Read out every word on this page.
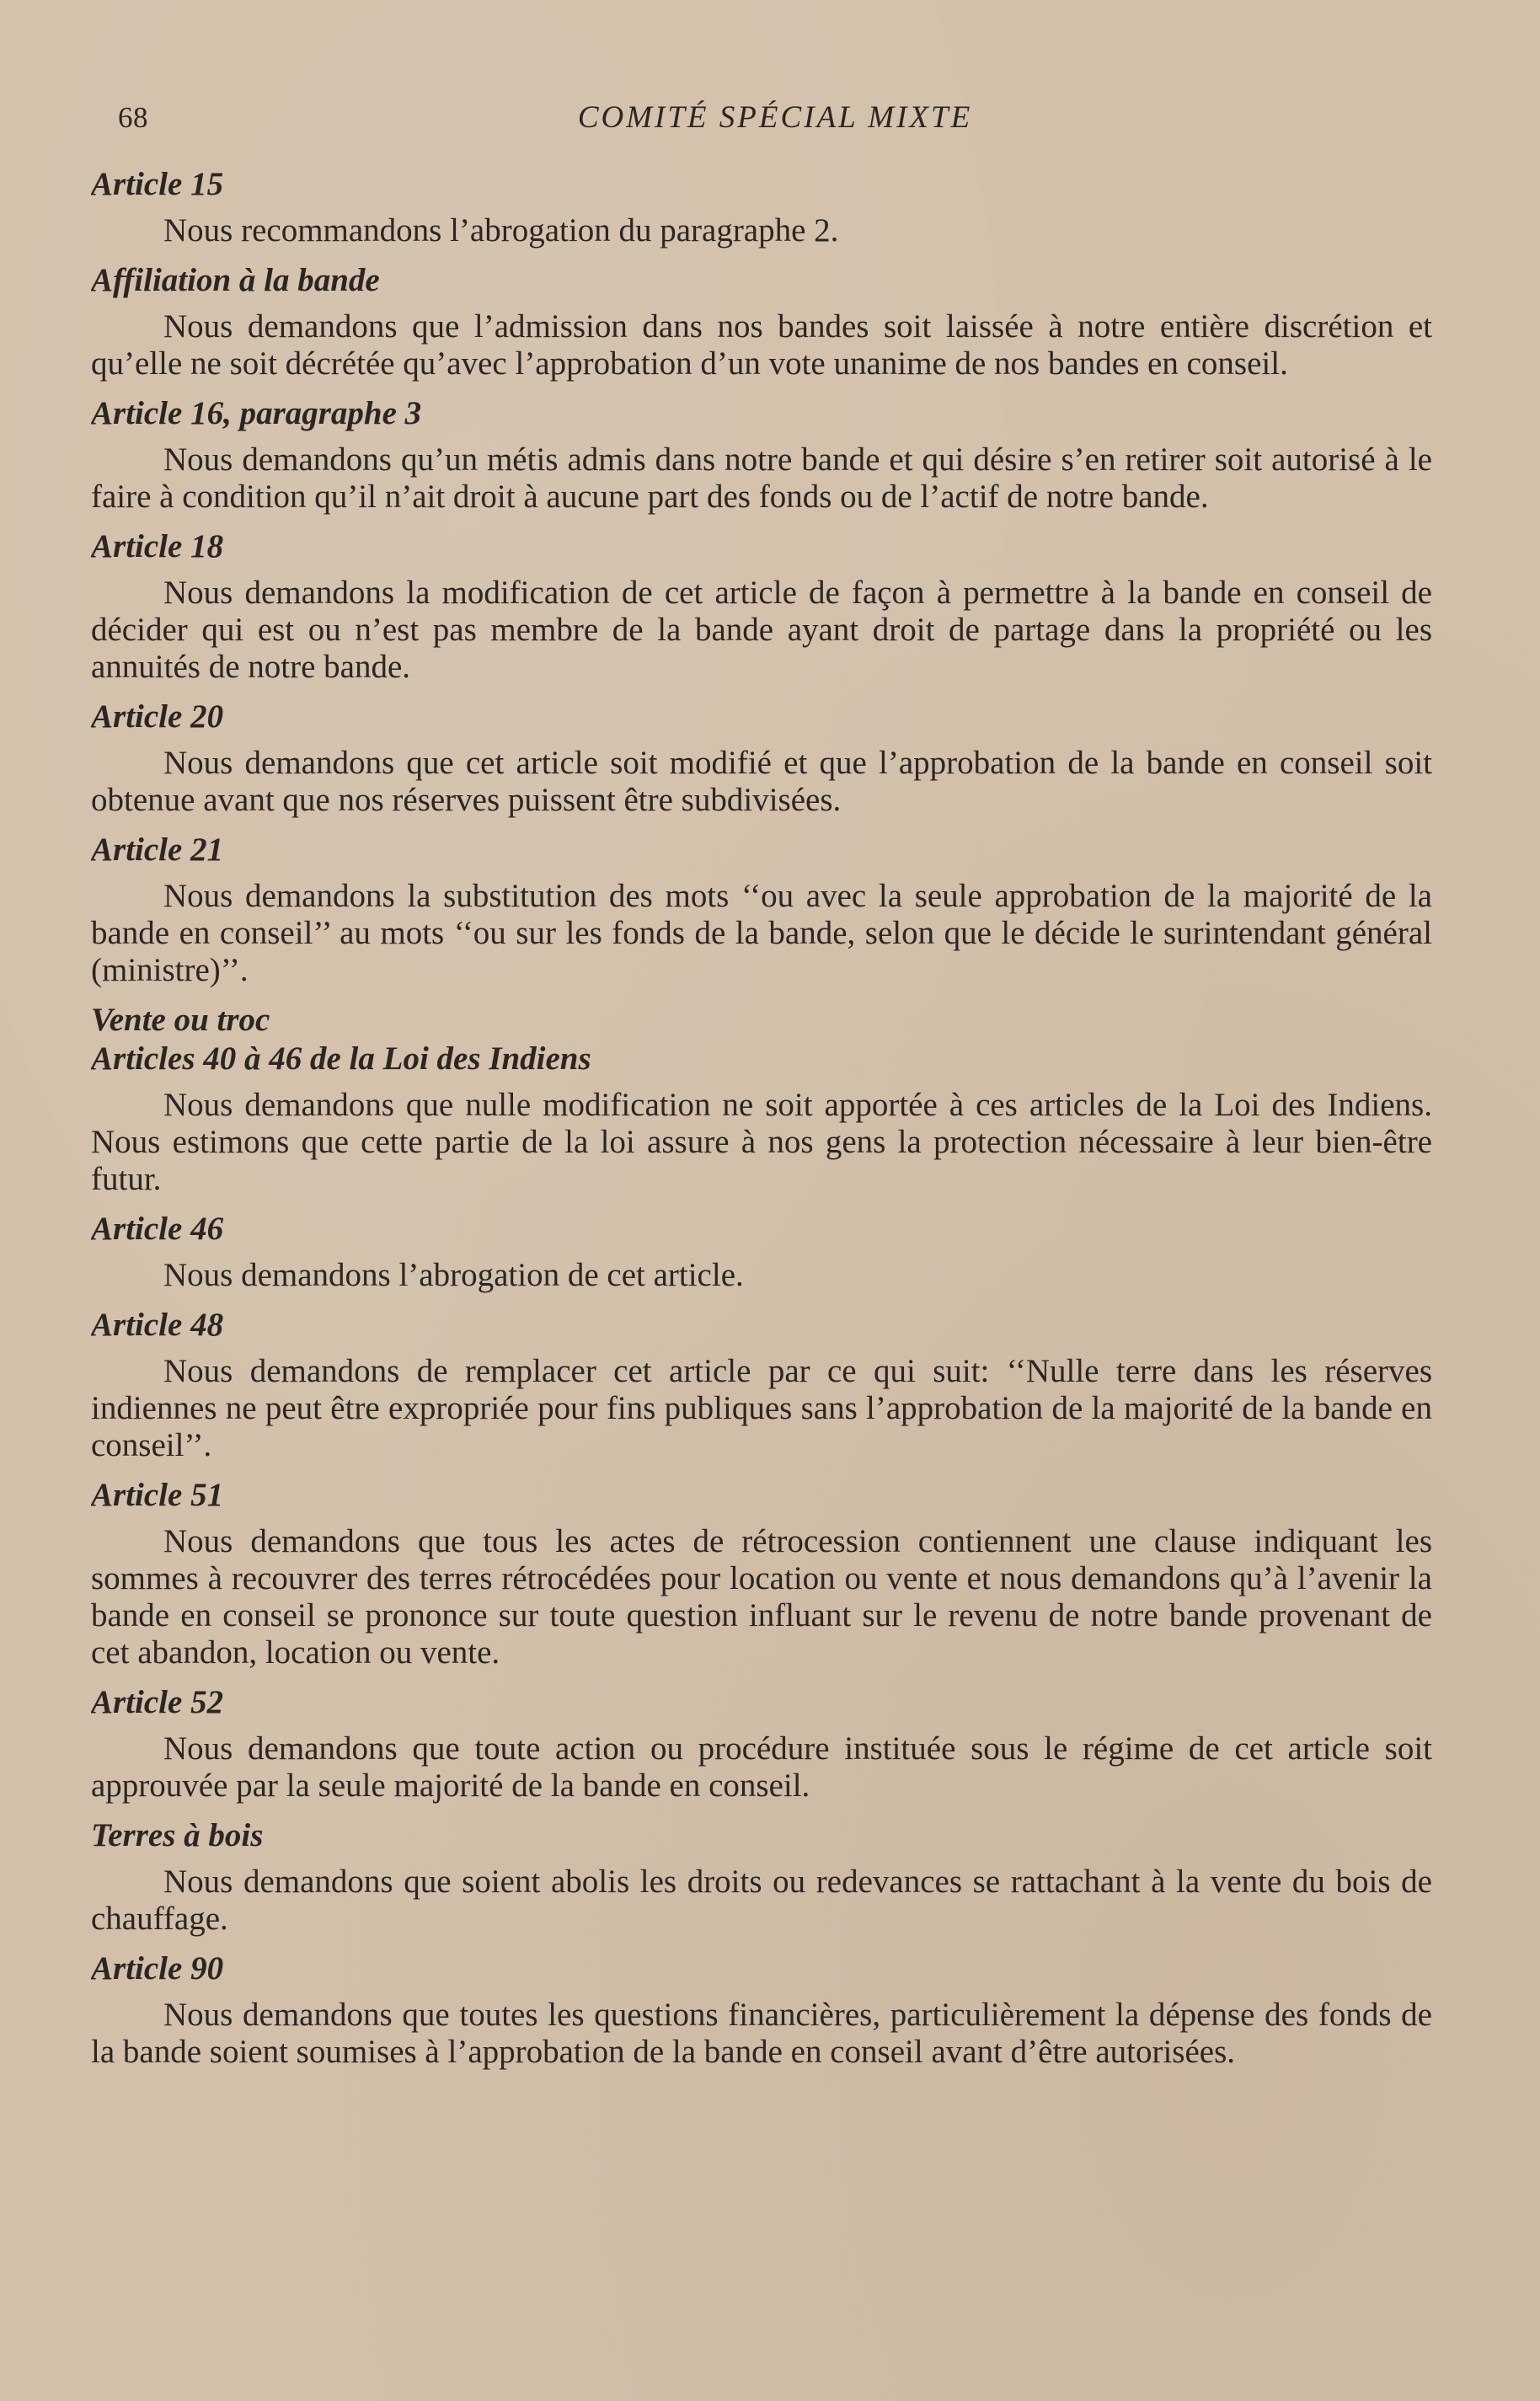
68	COMITÉ SPÉCIAL MIXTE
Article 15

Nous recommandons l’abrogation du paragraphe 2.

Affiliation à la bande

Nous demandons que l’admission dans nos bandes soit laissée à notre entière discrétion et qu’elle ne soit décrétée qu’avec l’approbation d’un vote unanime de nos bandes en conseil.

Article 16, paragraphe 3

Nous demandons qu’un métis admis dans notre bande et qui désire s’en retirer soit autorisé à le faire à condition qu’il n’ait droit à aucune part des fonds ou de l’actif de notre bande.

Article 18

Nous demandons la modification de cet article de façon à permettre à la bande en conseil de décider qui est ou n’est pas membre de la bande ayant droit de partage dans la propriété ou les annuités de notre bande.

Article 20

Nous demandons que cet article soit modifié et que l’approbation de la bande en conseil soit obtenue avant que nos réserves puissent être subdivisées.

Article 21

Nous demandons la substitution des mots ‘‘ou avec la seule approbation de la majorité de la bande en conseil’’ au mots ‘‘ou sur les fonds de la bande, selon que le décide le surintendant général (ministre)’’.

Vente ou troc
Articles 40 à 46 de la Loi des Indiens

Nous demandons que nulle modification ne soit apportée à ces articles de la Loi des Indiens. Nous estimons que cette partie de la loi assure à nos gens la protection nécessaire à leur bien-être futur.

Article 46

Nous demandons l’abrogation de cet article.

Article 48

Nous demandons de remplacer cet article par ce qui suit: ‘‘Nulle terre dans les réserves indiennes ne peut être expropriée pour fins publiques sans l’approbation de la majorité de la bande en conseil’’.

Article 51

Nous demandons que tous les actes de rétrocession contiennent une clause indiquant les sommes à recouvrer des terres rétrocédées pour location ou vente et nous demandons qu’à l’avenir la bande en conseil se prononce sur toute question influant sur le revenu de notre bande provenant de cet abandon, location ou vente.

Article 52

Nous demandons que toute action ou procédure instituée sous le régime de cet article soit approuvée par la seule majorité de la bande en conseil.

Terres à bois

Nous demandons que soient abolis les droits ou redevances se rattachant à la vente du bois de chauffage.

Article 90

Nous demandons que toutes les questions financières, particulièrement la dépense des fonds de la bande soient soumises à l’approbation de la bande en conseil avant d’être autorisées.
